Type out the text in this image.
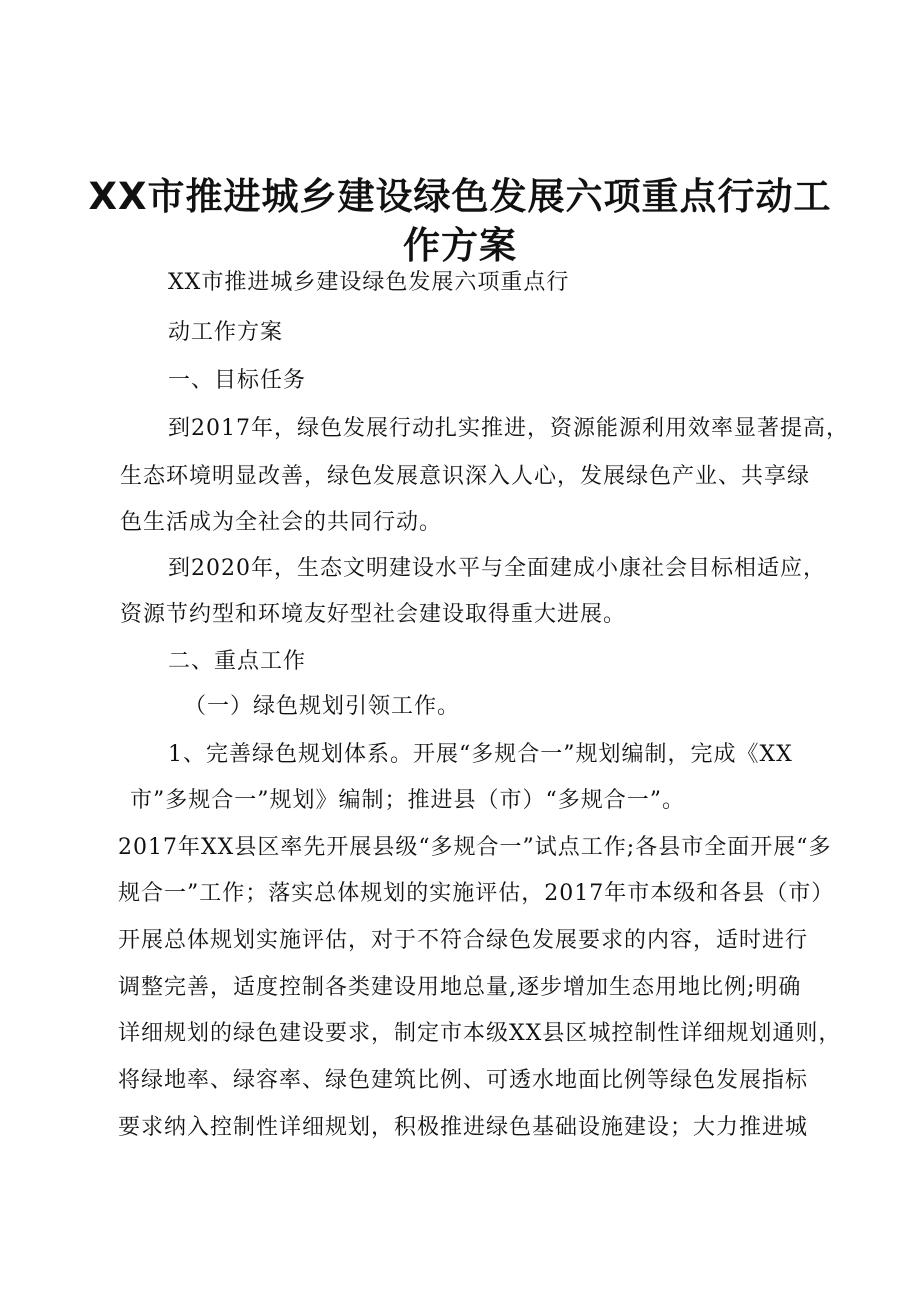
XX市推进城乡建设绿色发展六项重点行动工
作方案

XX市推进城乡建设绿色发展六项重点行

动工作方案

一、目标任务

到2017年，绿色发展行动扎实推进，资源能源利用效率显著提高，

生态环境明显改善，绿色发展意识深入人心，发展绿色产业、共享绿

色生活成为全社会的共同行动。

到2020年，生态文明建设水平与全面建成小康社会目标相适应，

资源节约型和环境友好型社会建设取得重大进展。

二、重点工作

（一）绿色规划引领工作。

1、完善绿色规划体系。开展“多规合一”规划编制，完成《XX

市”多规合一”规划》编制；推进县（市）“多规合一”。

2017年XX县区率先开展县级“多规合一”试点工作;各县市全面开展“多

规合一”工作；落实总体规划的实施评估，2017年市本级和各县（市）

开展总体规划实施评估，对于不符合绿色发展要求的内容，适时进行

调整完善，适度控制各类建设用地总量,逐步增加生态用地比例;明确

详细规划的绿色建设要求，制定市本级XX县区城控制性详细规划通则，

将绿地率、绿容率、绿色建筑比例、可透水地面比例等绿色发展指标

要求纳入控制性详细规划，积极推进绿色基础设施建设；大力推进城
